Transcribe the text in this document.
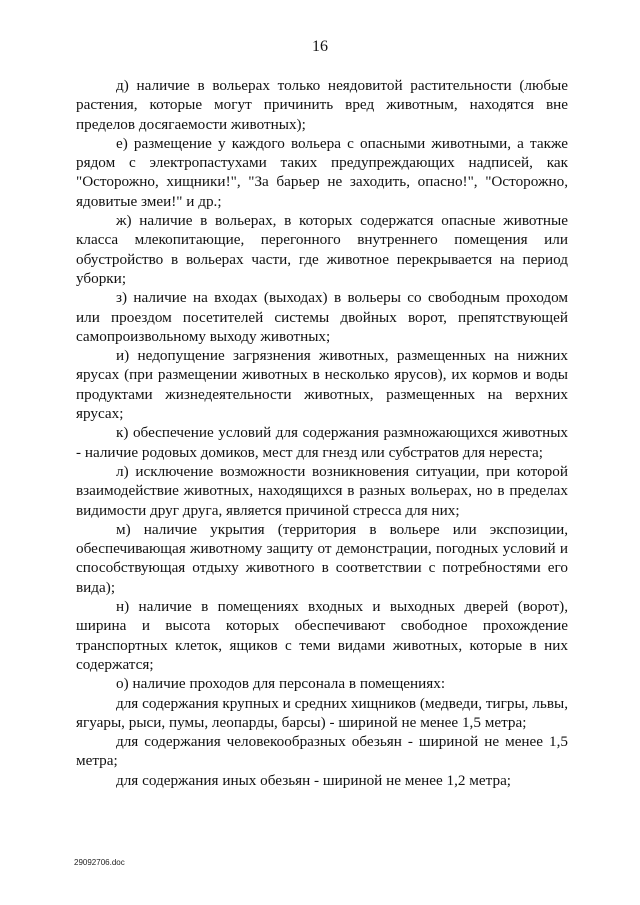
16

д) наличие в вольерах только неядовитой растительности (любые растения, которые могут причинить вред животным, находятся вне пределов досягаемости животных);

е) размещение у каждого вольера с опасными животными, а также рядом с электропастухами таких предупреждающих надписей, как "Осторожно, хищники!", "За барьер не заходить, опасно!", "Осторожно, ядовитые змеи!" и др.;

ж) наличие в вольерах, в которых содержатся опасные животные класса млекопитающие, перегонного внутреннего помещения или обустройство в вольерах части, где животное перекрывается на период уборки;

з) наличие на входах (выходах) в вольеры со свободным проходом или проездом посетителей системы двойных ворот, препятствующей самопроизвольному выходу животных;

и) недопущение загрязнения животных, размещенных на нижних ярусах (при размещении животных в несколько ярусов), их кормов и воды продуктами жизнедеятельности животных, размещенных на верхних ярусах;

к) обеспечение условий для содержания размножающихся животных - наличие родовых домиков, мест для гнезд или субстратов для нереста;

л) исключение возможности возникновения ситуации, при которой взаимодействие животных, находящихся в разных вольерах, но в пределах видимости друг друга, является причиной стресса для них;

м) наличие укрытия (территория в вольере или экспозиции, обеспечивающая животному защиту от демонстрации, погодных условий и способствующая отдыху животного в соответствии с потребностями его вида);

н) наличие в помещениях входных и выходных дверей (ворот), ширина и высота которых обеспечивают свободное прохождение транспортных клеток, ящиков с теми видами животных, которые в них содержатся;

о) наличие проходов для персонала в помещениях:

для содержания крупных и средних хищников (медведи, тигры, львы, ягуары, рыси, пумы, леопарды, барсы) - шириной не менее 1,5 метра;

для содержания человекообразных обезьян - шириной не менее 1,5 метра;

для содержания иных обезьян - шириной не менее 1,2 метра;

29092706.doc
